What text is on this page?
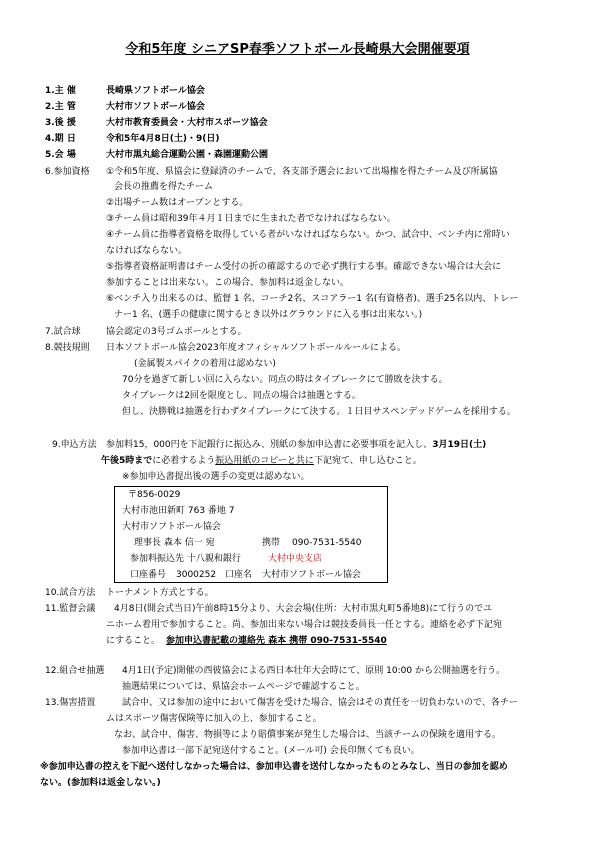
令和5年度 シニアSP春季ソフトボール長崎県大会開催要項
1.主 催	長崎県ソフトボール協会
2.主 管	大村市ソフトボール協会
3.後 援	大村市教育委員会・大村市スポーツ協会
4.期 日	令和5年4月8日(土)・9(日)
5.会 場	大村市黒丸総合運動公園・森園運動公園
6.参加資格 ①令和5年度、県協会に登録済のチームで、各支部予選会において出場権を得たチーム及び所属協
会長の推薦を得たチーム
②出場チーム数はオープンとする。
③チーム員は昭和39年４月１日までに生まれた者でなければならない。
④チーム員に指導者資格を取得している者がいなければならない。かつ、試合中、ベンチ内に常時い
なければならない。
⑤指導者資格証明書はチーム受付の折の確認するので必ず携行する事。確認できない場合は大会に
参加することは出来ない。この場合、参加料は返金しない。
⑥ベンチ入り出来るのは、監督 1 名、コーチ2名、スコアラー1 名(有資格者)、選手25名以内、トレー
ナー1 名、(選手の健康に関するとき以外はグラウンドに入る事は出来ない。)
7.試合球	協会認定の3号ゴムボールとする。
8.競技規則 日本ソフトボール協会2023年度オフィシャルソフトボールルールによる。
(金属製スパイクの着用は認めない)
70分を過ぎて新しい回に入らない。同点の時はタイブレークにて勝敗を決する。
タイブレークは2回を限度とし、同点の場合は抽選とする。
但し、決勝戦は抽選を行わずタイブレークにて決する。１日目サスペンデッドゲームを採用する。
9.申込方法 参加料15，000円を下記銀行に振込み、別紙の参加申込書に必要事項を記入し、3月19日(土)
午後5時までに必着するよう振込用紙のコピーと共に下記宛て、申し込むこと。
※参加申込書提出後の選手の変更は認めない。
〒856-0029
大村市池田新町 763 番地 7
大村市ソフトボール協会
理事長 森本 信一 宛	携帯 090-7531-5540
参加料振込先 十八親和銀行	大村中央支店
口座番号 3000252 口座名 大村市ソフトボール協会
10.試合方法 トーナメント方式とする。
11.監督会議 4月8日(開会式当日)午前8時15分より、大会会場(住所：大村市黒丸町5番地8)にて行うのでユ
ニホーム着用で参加すること。尚、参加出来ない場合は競技委員長一任とする。連絡を必ず下記宛
にすること。 参加申込書記載の連絡先 森本 携帯 090-7531-5540
12.組合せ抽選 4月1日(予定)開催の西彼協会による西日本壮年大会時にて、原則 10:00 から公開抽選を行う。
抽選結果については、県協会ホームページで確認すること。
13.傷害措置	試合中、又は参加の途中において傷害を受けた場合、協会はその責任を一切負わないので、各チー
ムはスポーツ傷害保険等に加入の上、参加すること。
なお、試合中、傷害、物損等により賠償事案が発生した場合は、当該チームの保険を適用する。
参加申込書は一部下記宛送付すること。(メール可) 会長印無くても良い。
※参加申込書の控えを下記へ送付しなかった場合は、参加申込書を送付しなかったものとみなし、当日の参加を認め
ない。(参加料は返金しない。)
